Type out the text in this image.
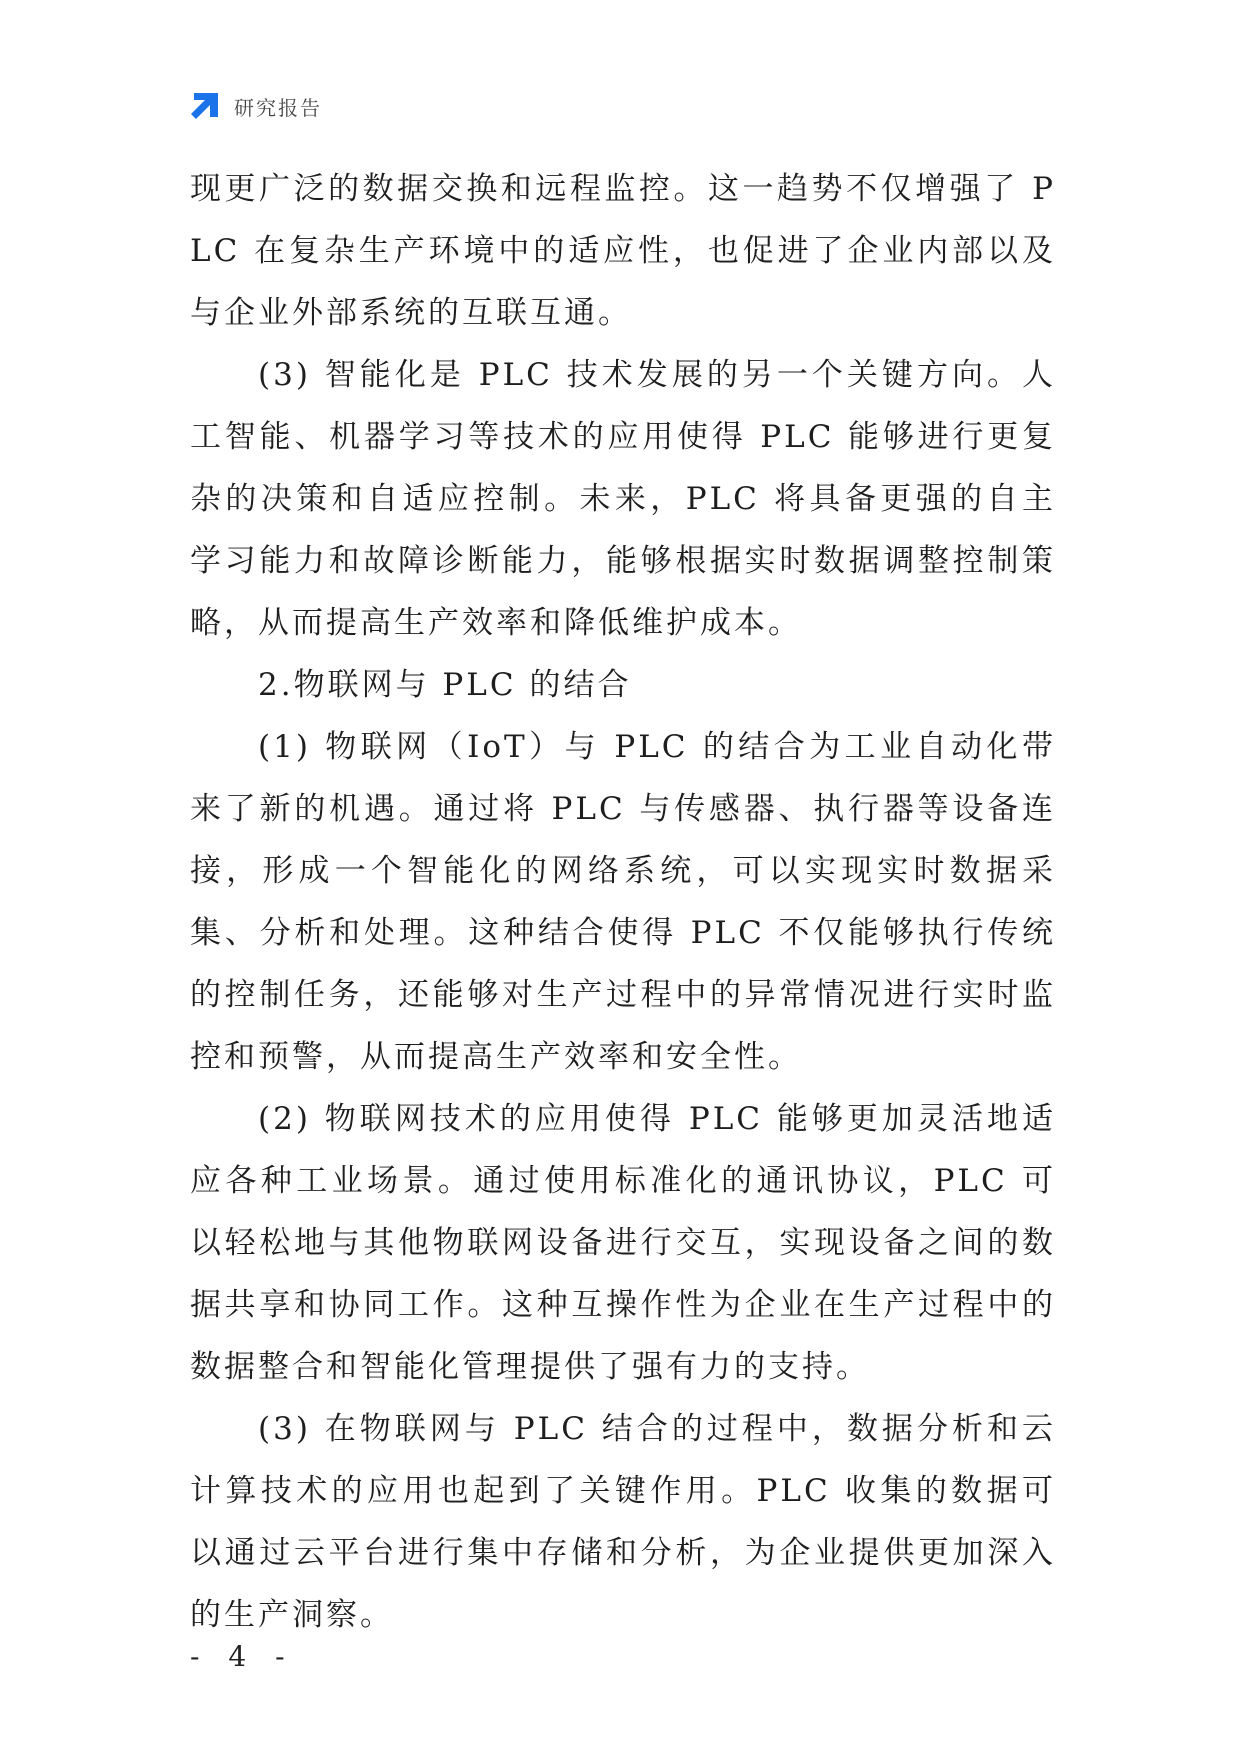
研究报告

现更广泛的数据交换和远程监控。这一趋势不仅增强了 PLC 在复杂生产环境中的适应性，也促进了企业内部以及与企业外部系统的互联互通。

(3) 智能化是 PLC 技术发展的另一个关键方向。人工智能、机器学习等技术的应用使得 PLC 能够进行更复杂的决策和自适应控制。未来，PLC 将具备更强的自主学习能力和故障诊断能力，能够根据实时数据调整控制策略，从而提高生产效率和降低维护成本。

2.物联网与 PLC 的结合

(1) 物联网（IoT）与 PLC 的结合为工业自动化带来了新的机遇。通过将 PLC 与传感器、执行器等设备连接，形成一个智能化的网络系统，可以实现实时数据采集、分析和处理。这种结合使得 PLC 不仅能够执行传统的控制任务，还能够对生产过程中的异常情况进行实时监控和预警，从而提高生产效率和安全性。

(2) 物联网技术的应用使得 PLC 能够更加灵活地适应各种工业场景。通过使用标准化的通讯协议，PLC 可以轻松地与其他物联网设备进行交互，实现设备之间的数据共享和协同工作。这种互操作性为企业在生产过程中的数据整合和智能化管理提供了强有力的支持。

(3) 在物联网与 PLC 结合的过程中，数据分析和云计算技术的应用也起到了关键作用。PLC 收集的数据可以通过云平台进行集中存储和分析，为企业提供更加深入的生产洞察。

- 4 -
